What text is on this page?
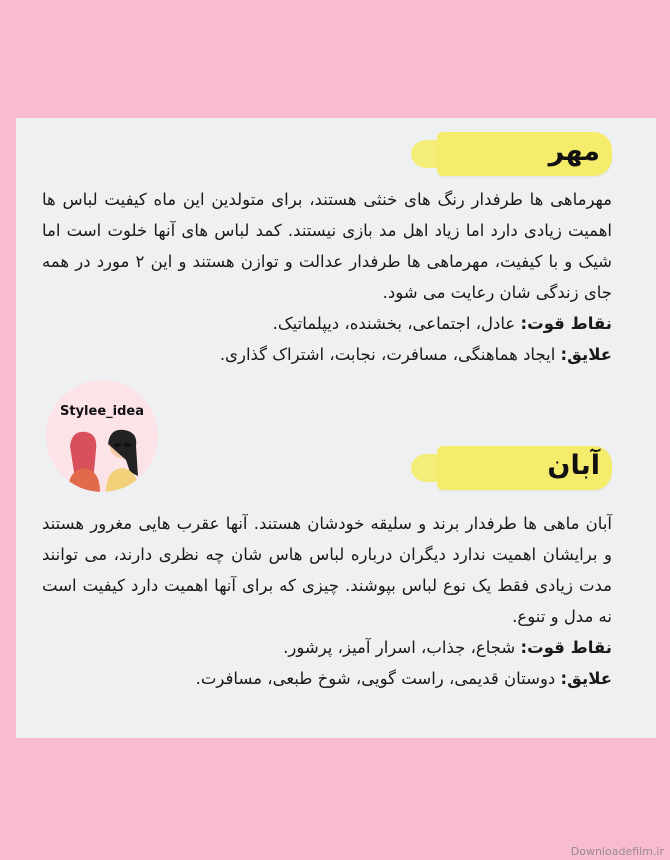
مهر

مهرماهی ها طرفدار رنگ های خنثی هستند، برای متولدین این ماه کیفیت لباس ها اهمیت زیادی دارد اما زیاد اهل مد بازی نیستند. کمد لباس های آنها خلوت است اما شیک و با کیفیت، مهرماهی ها طرفدار عدالت و توازن هستند و این ۲ مورد در همه جای زندگی شان رعایت می شود.

نقاط قوت: عادل، اجتماعی، بخشنده، دیپلماتیک.

علایق: ایجاد هماهنگی، مسافرت، نجابت، اشتراک گذاری.

آبان

آبان ماهی ها طرفدار برند و سلیقه خودشان هستند. آنها عقرب هایی مغرور هستند و برایشان اهمیت ندارد دیگران درباره لباس هاس شان چه نظری دارند، می توانند مدت زیادی فقط یک نوع لباس بپوشند. چیزی که برای آنها اهمیت دارد کیفیت است نه مدل و تنوع.

نقاط قوت: شجاع، جذاب، اسرار آمیز، پرشور.

علایق: دوستان قدیمی، راست گویی، شوخ طبعی، مسافرت.

Stylee_idea
Downloadefilm.ir
